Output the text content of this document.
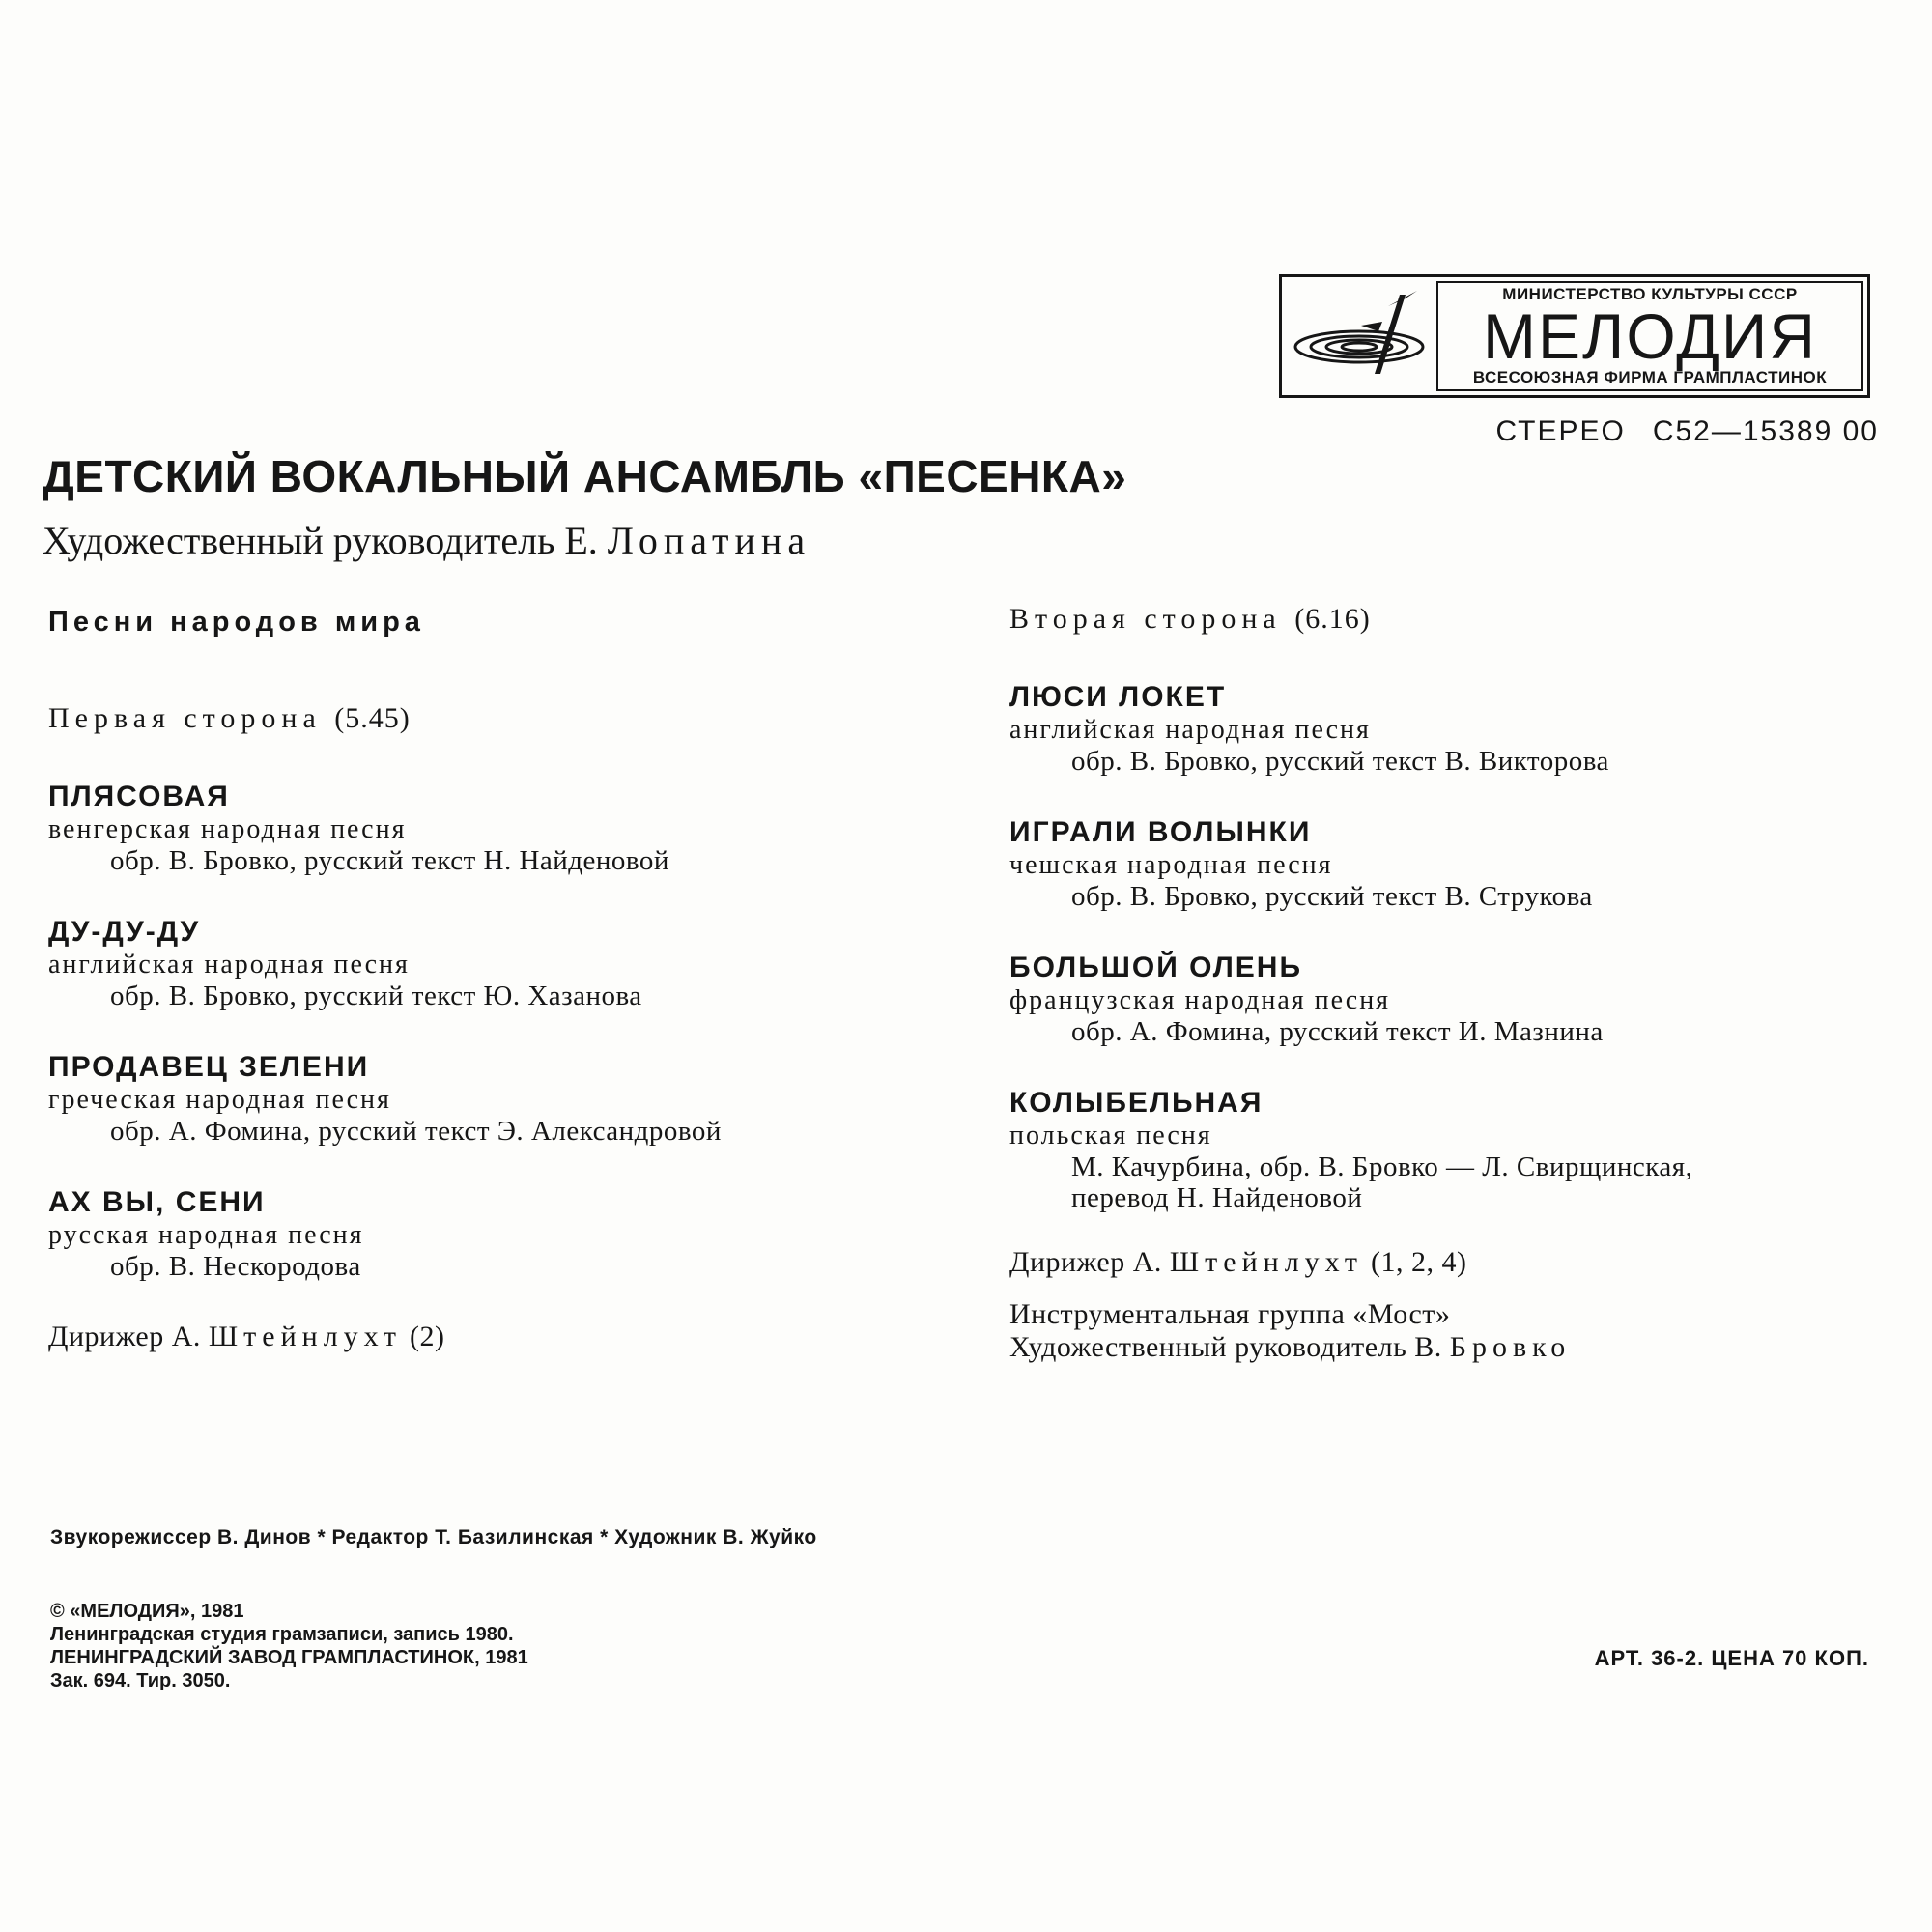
МИНИСТЕРСТВО КУЛЬТУРЫ СССР
МЕЛОДИЯ
ВСЕСОЮЗНАЯ ФИРМА ГРАМПЛАСТИНОК
СТЕРЕО С52—15389 00
ДЕТСКИЙ ВОКАЛЬНЫЙ АНСАМБЛЬ «ПЕСЕНКА»
Художественный руководитель Е. Лопатина
Песни народов мира
Первая сторона (5.45)
ПЛЯСОВАЯ
венгерская народная песня
обр. В. Бровко, русский текст Н. Найденовой
ДУ-ДУ-ДУ
английская народная песня
обр. В. Бровко, русский текст Ю. Хазанова
ПРОДАВЕЦ ЗЕЛЕНИ
греческая народная песня
обр. А. Фомина, русский текст Э. Александровой
АХ ВЫ, СЕНИ
русская народная песня
обр. В. Нескородова
Дирижер А. Штейнлухт (2)
Вторая сторона (6.16)
ЛЮСИ ЛОКЕТ
английская народная песня
обр. В. Бровко, русский текст В. Викторова
ИГРАЛИ ВОЛЫНКИ
чешская народная песня
обр. В. Бровко, русский текст В. Струкова
БОЛЬШОЙ ОЛЕНЬ
французская народная песня
обр. А. Фомина, русский текст И. Мазнина
КОЛЫБЕЛЬНАЯ
польская песня
М. Качурбина, обр. В. Бровко — Л. Свирщинская,
перевод Н. Найденовой
Дирижер А. Штейнлухт (1, 2, 4)
Инструментальная группа «Мост»
Художественный руководитель В. Бровко
Звукорежиссер В. Динов * Редактор Т. Базилинская * Художник В. Жуйко
© «МЕЛОДИЯ», 1981
Ленинградская студия грамзаписи, запись 1980.
ЛЕНИНГРАДСКИЙ ЗАВОД ГРАМПЛАСТИНОК, 1981
Зак. 694. Тир. 3050.
АРТ. 36-2. ЦЕНА 70 КОП.
